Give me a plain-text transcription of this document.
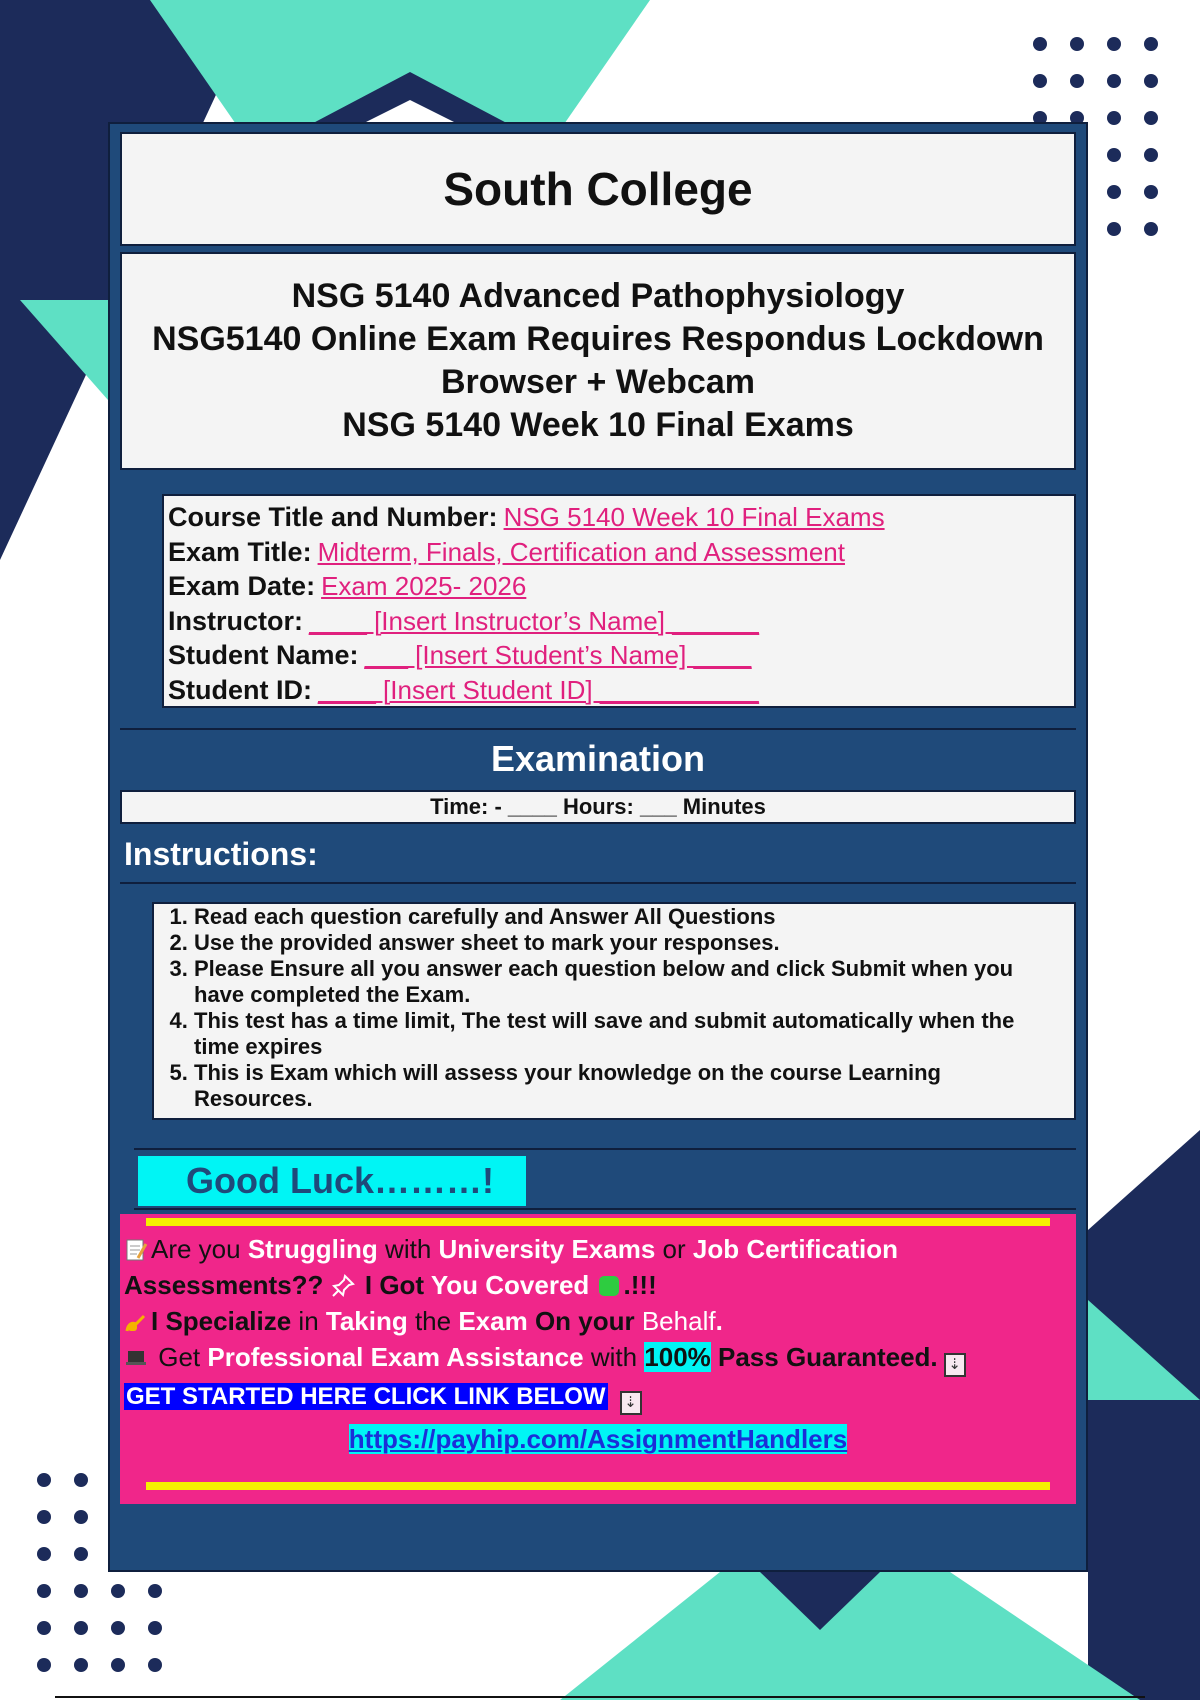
South College
NSG 5140 Advanced Pathophysiology
NSG5140 Online Exam Requires Respondus Lockdown
Browser + Webcam
NSG 5140 Week 10 Final Exams
Course Title and Number: NSG 5140 Week 10 Final Exams
Exam Title: Midterm, Finals, Certification and Assessment
Exam Date: Exam 2025- 2026
Instructor: ____ [Insert Instructor’s Name] ______
Student Name: ___ [Insert Student’s Name] ____
Student ID: ____ [Insert Student ID] ___________
Examination
Time: - ____ Hours: ___ Minutes
Instructions:
1. Read each question carefully and Answer All Questions
2. Use the provided answer sheet to mark your responses.
3. Please Ensure all you answer each question below and click Submit when you have completed the Exam.
4. This test has a time limit, The test will save and submit automatically when the time expires
5. This is Exam which will assess your knowledge on the course Learning Resources.
Good Luck………!
Are you Struggling with University Exams or Job Certification
Assessments??  I Got You Covered .!!!
I Specialize in Taking the Exam On your Behalf.
Get Professional Exam Assistance with 100% Pass Guaranteed. ⇣
GET STARTED HERE CLICK LINK BELOW ⇣
https://payhip.com/AssignmentHandlers
